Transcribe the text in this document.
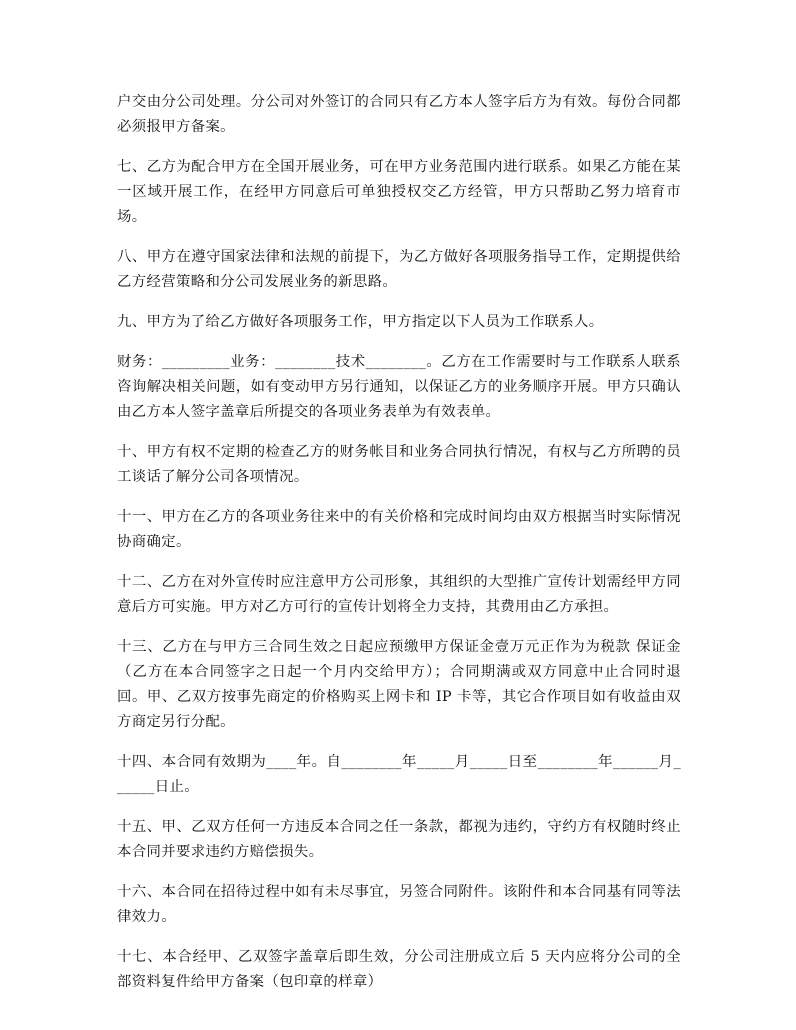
户交由分公司处理。分公司对外签订的合同只有乙方本人签字后方为有效。每份合同都必须报甲方备案。

七、乙方为配合甲方在全国开展业务，可在甲方业务范围内进行联系。如果乙方能在某一区域开展工作，在经甲方同意后可单独授权交乙方经管，甲方只帮助乙努力培育市场。

八、甲方在遵守国家法律和法规的前提下，为乙方做好各项服务指导工作，定期提供给乙方经营策略和分公司发展业务的新思路。

九、甲方为了给乙方做好各项服务工作，甲方指定以下人员为工作联系人。

财务：_________业务：________技术________。乙方在工作需要时与工作联系人联系咨询解决相关问题，如有变动甲方另行通知，以保证乙方的业务顺序开展。甲方只确认由乙方本人签字盖章后所提交的各项业务表单为有效表单。

十、甲方有权不定期的检查乙方的财务帐目和业务合同执行情况，有权与乙方所聘的员工谈话了解分公司各项情况。

十一、甲方在乙方的各项业务往来中的有关价格和完成时间均由双方根据当时实际情况协商确定。

十二、乙方在对外宣传时应注意甲方公司形象，其组织的大型推广宣传计划需经甲方同意后方可实施。甲方对乙方可行的宣传计划将全力支持，其费用由乙方承担。

十三、乙方在与甲方三合同生效之日起应预缴甲方保证金壹万元正作为为税款 保证金（乙方在本合同签字之日起一个月内交给甲方）；合同期满或双方同意中止合同时退回。甲、乙双方按事先商定的价格购买上网卡和 IP 卡等，其它合作项目如有收益由双方商定另行分配。

十四、本合同有效期为____年。自________年_____月_____日至________年______月______日止。

十五、甲、乙双方任何一方违反本合同之任一条款，都视为违约，守约方有权随时终止本合同并要求违约方赔偿损失。

十六、本合同在招待过程中如有未尽事宜，另签合同附件。该附件和本合同基有同等法律效力。

十七、本合经甲、乙双签字盖章后即生效，分公司注册成立后 5 天内应将分公司的全部资料复件给甲方备案（包印章的样章）
